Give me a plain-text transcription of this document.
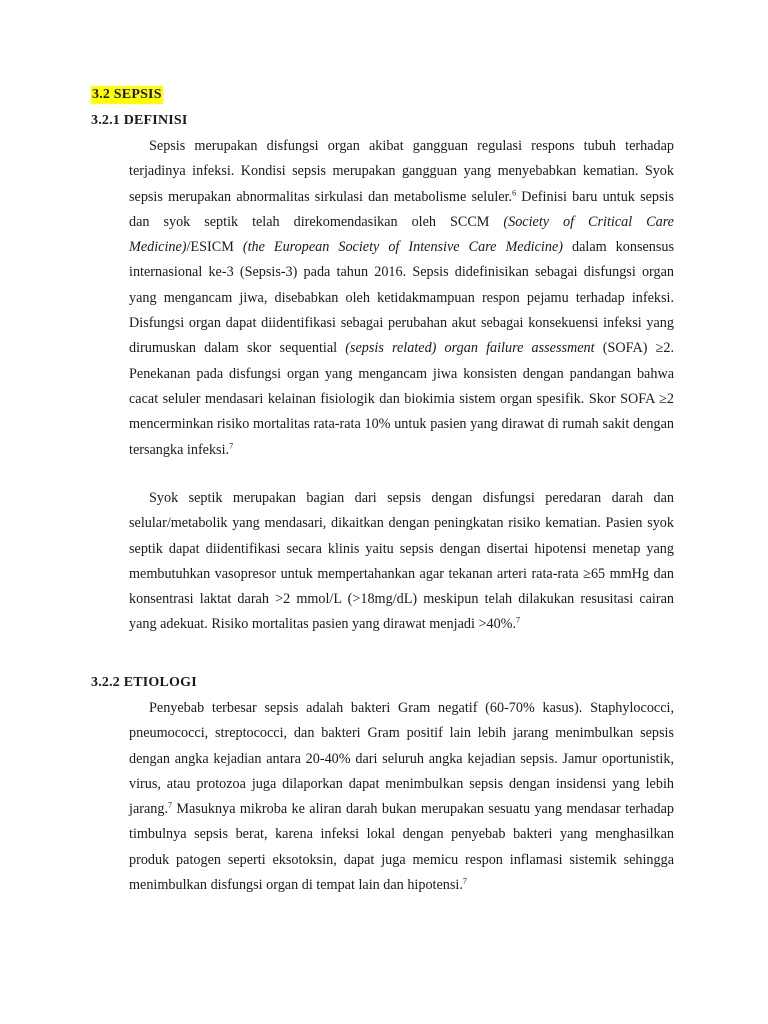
3.2 SEPSIS
3.2.1 DEFINISI

Sepsis merupakan disfungsi organ akibat gangguan regulasi respons tubuh terhadap terjadinya infeksi. Kondisi sepsis merupakan gangguan yang menyebabkan kematian. Syok sepsis merupakan abnormalitas sirkulasi dan metabolisme seluler.$^6$ Definisi baru untuk sepsis dan syok septik telah direkomendasikan oleh SCCM (Society of Critical Care Medicine)/ESICM (the European Society of Intensive Care Medicine) dalam konsensus internasional ke-3 (Sepsis-3) pada tahun 2016. Sepsis didefinisikan sebagai disfungsi organ yang mengancam jiwa, disebabkan oleh ketidakmampuan respon pejamu terhadap infeksi. Disfungsi organ dapat diidentifikasi sebagai perubahan akut sebagai konsekuensi infeksi yang dirumuskan dalam skor sequential (sepsis related) organ failure assessment (SOFA) ≥2. Penekanan pada disfungsi organ yang mengancam jiwa konsisten dengan pandangan bahwa cacat seluler mendasari kelainan fisiologik dan biokimia sistem organ spesifik. Skor SOFA ≥2 mencerminkan risiko mortalitas rata-rata 10% untuk pasien yang dirawat di rumah sakit dengan tersangka infeksi.$^7$

Syok septik merupakan bagian dari sepsis dengan disfungsi peredaran darah dan selular/metabolik yang mendasari, dikaitkan dengan peningkatan risiko kematian. Pasien syok septik dapat diidentifikasi secara klinis yaitu sepsis dengan disertai hipotensi menetap yang membutuhkan vasopresor untuk mempertahankan agar tekanan arteri rata-rata ≥65 mmHg dan konsentrasi laktat darah >2 mmol/L (>18mg/dL) meskipun telah dilakukan resusitasi cairan yang adekuat. Risiko mortalitas pasien yang dirawat menjadi >40%.$^7$

3.2.2 ETIOLOGI

Penyebab terbesar sepsis adalah bakteri Gram negatif (60-70% kasus). Staphylococci, pneumococci, streptococci, dan bakteri Gram positif lain lebih jarang menimbulkan sepsis dengan angka kejadian antara 20-40% dari seluruh angka kejadian sepsis. Jamur oportunistik, virus, atau protozoa juga dilaporkan dapat menimbulkan sepsis dengan insidensi yang lebih jarang.$^7$ Masuknya mikroba ke aliran darah bukan merupakan sesuatu yang mendasar terhadap timbulnya sepsis berat, karena infeksi lokal dengan penyebab bakteri yang menghasilkan produk patogen seperti eksotoksin, dapat juga memicu respon inflamasi sistemik sehingga menimbulkan disfungsi organ di tempat lain dan hipotensi.$^7$
